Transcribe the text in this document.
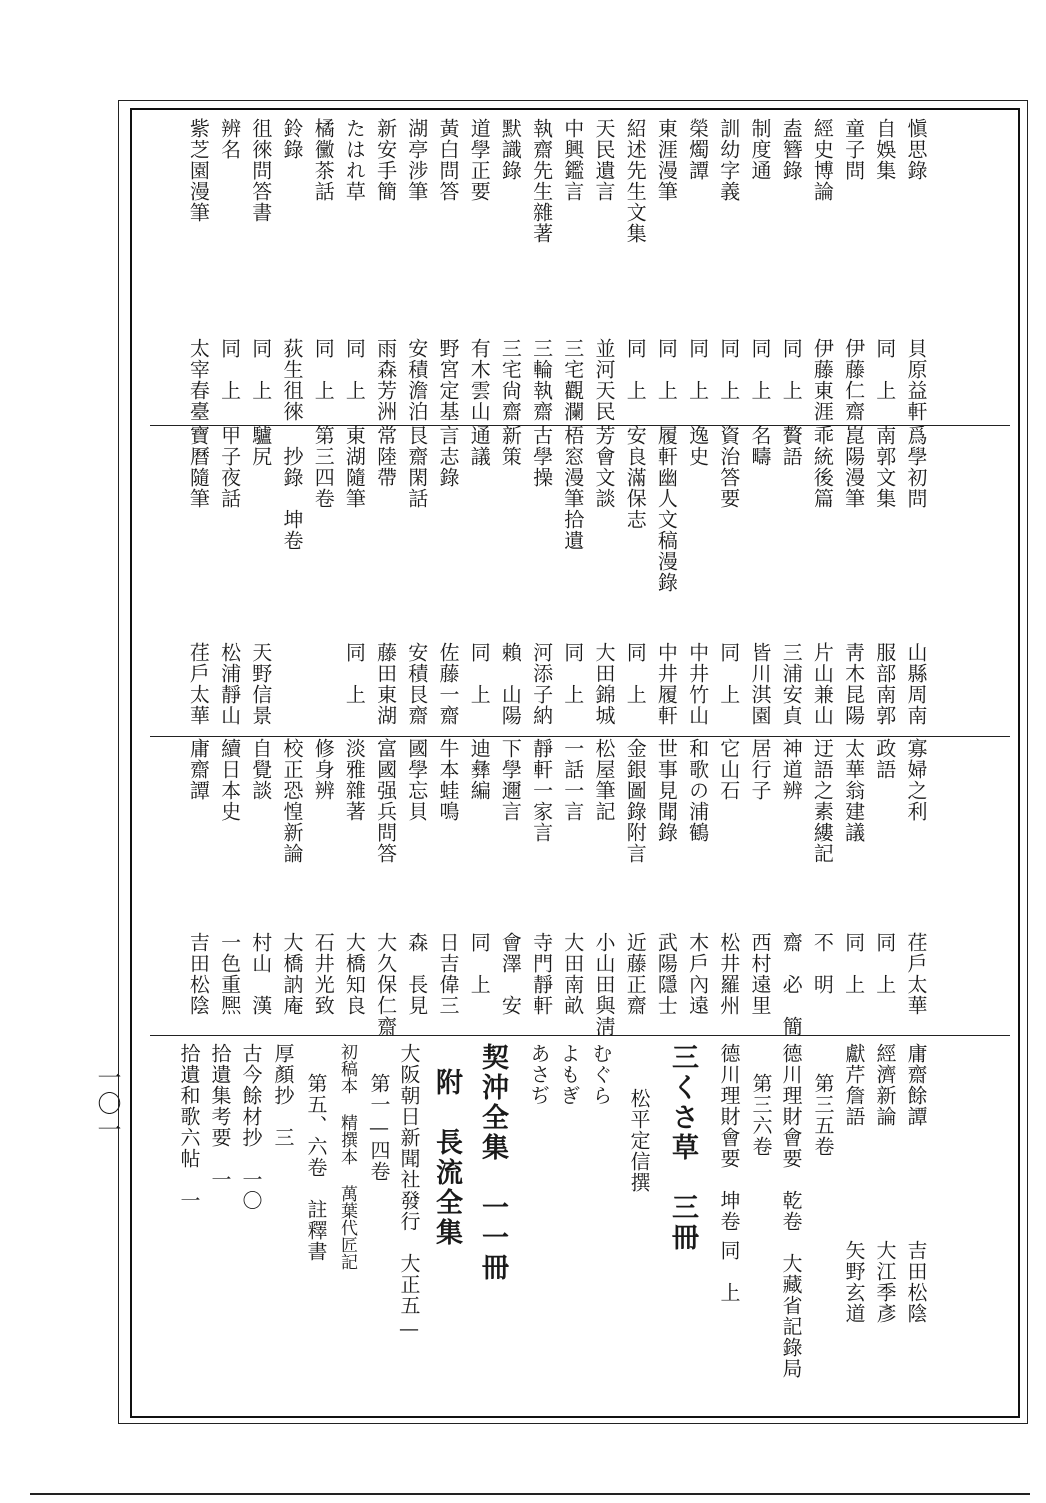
愼思錄
貝原益軒
自娛集
同　上
童子問
伊藤仁齋
經史博論
伊藤東涯
盍簪錄
同　上
制度通
同　上
訓幼字義
同　上
榮燭譚
同　上
東涯漫筆
同　上
紹述先生文集
同　上
天民遺言
並河天民
中興鑑言
三宅觀瀾
執齋先生雜著
三輪執齋
默識錄
三宅尙齋
道學正要
有木雲山
黃白問答
野宮定基
湖亭涉筆
安積澹泊
新安手簡
雨森芳洲
たはれ草
同　上
橘黴茶話
同　上
鈴錄
荻生徂徠
徂徠問答書
同　上
辨名
同　上
紫芝園漫筆
太宰春臺
爲學初問
山縣周南
南郭文集
服部南郭
崑陽漫筆
靑木昆陽
乖統後篇
片山兼山
贅語
三浦安貞
名疇
皆川淇園
資治答要
同　上
逸史
中井竹山
履軒幽人文稿漫錄
中井履軒
安良滿保志
同　上
芳會文談
大田錦城
梧窓漫筆拾遺
同　上
古學操
河添子納
新策
賴　山陽
通議
同　上
言志錄
佐藤一齋
艮齋閑話
安積艮齋
常陸帶
藤田東湖
東湖隨筆
同　上
第三四卷
　抄錄　坤卷
驢尻
天野信景
甲子夜話
松浦靜山
寶曆隨筆
荏戶太華
寡婦之利
荏戶太華
政語
同　上
太華翁建議
同　上
迂語之素縷記
不　明
神道辨
齋　必　簡
居行子
西村遠里
它山石
松井羅州
和歌の浦鶴
木戶內遠
世事見聞錄
武陽隱士
金銀圖錄附言
近藤正齋
松屋筆記
小山田與淸
一話一言
大田南畝
靜軒一家言
寺門靜軒
下學邇言
會澤　安
迪彝編
同　上
牛本蛙鳴
日吉偉三
國學忘貝
森　長見
富國强兵問答
大久保仁齋
淡雅雜著
大橋知良
修身辨
石井光致
校正恐惶新論
大橋訥庵
自覺談
村山　漢
續日本史
一色重熈
庸齋譚
吉田松陰
庸齋餘譚
吉田松陰
經濟新論
大江季彥
獻芹詹語
矢野玄道
第三五卷
德川理財會要　乾卷　大藏省記錄局
第三六卷
德川理財會要　坤卷
同　上
三くさ草　三冊
松平定信撰
むぐら
よもぎ
あさぢ
契沖全集　一一冊
附　長流全集
大阪朝日新聞社發行　大正五—
第一—四卷
初稿本 精撰本 萬葉代匠記
第五、六卷　註釋書
厚顏抄　三
古今餘材抄　一〇
拾遺集考要　一
拾遺和歌六帖　一
一〇一
